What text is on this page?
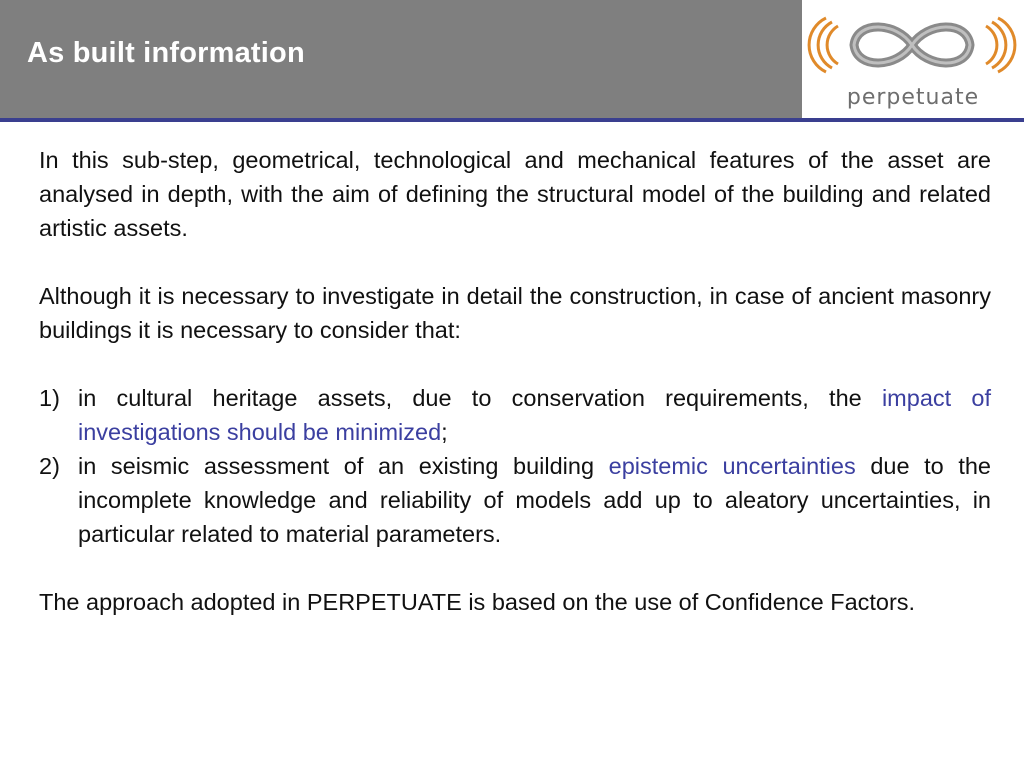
As built information
perpetuate

In this sub-step, geometrical, technological and mechanical features of the asset are analysed in depth, with the aim of defining the structural model of the building and related artistic assets.

Although it is necessary to investigate in detail the construction, in case of ancient masonry buildings it is necessary to consider that:

1) in cultural heritage assets, due to conservation requirements, the impact of investigations should be minimized;
2) in seismic assessment of an existing building epistemic uncertainties due to the incomplete knowledge and reliability of models add up to aleatory uncertainties, in particular related to material parameters.

The approach adopted in PERPETUATE is based on the use of Confidence Factors.
